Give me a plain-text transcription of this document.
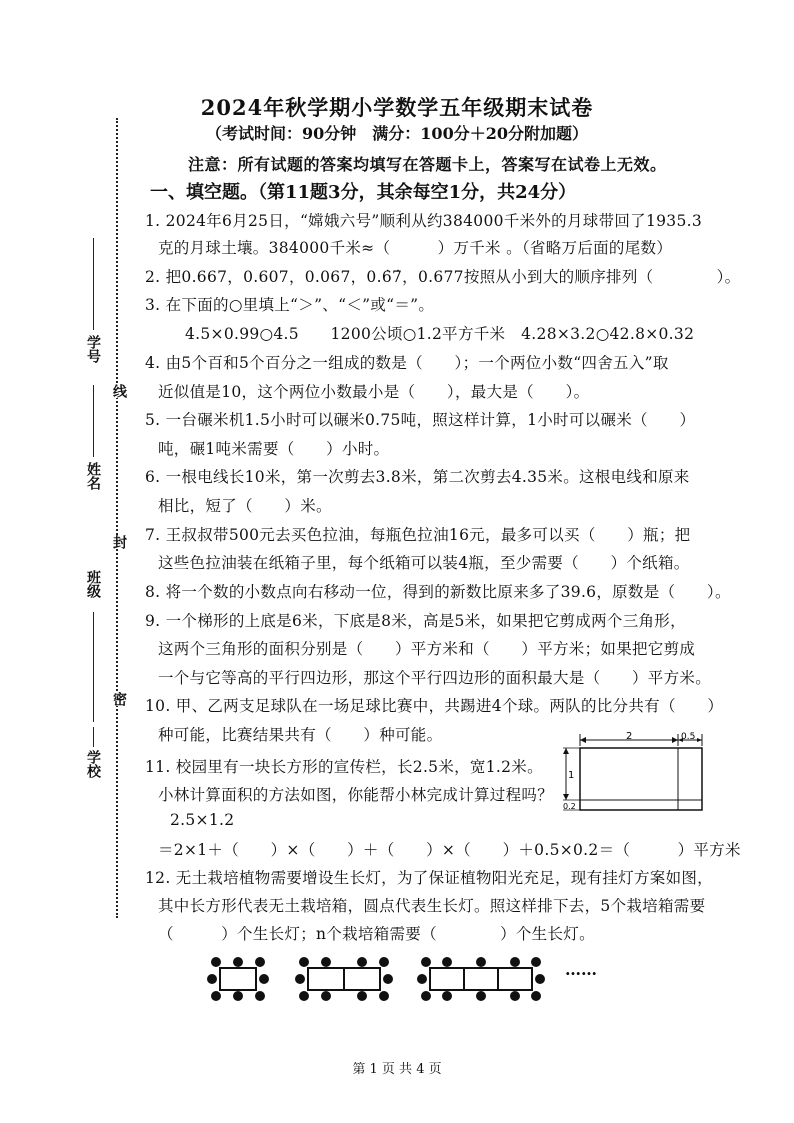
学号
姓名
班级
学校
线
封
密
2024年秋学期小学数学五年级期末试卷
（考试时间：90分钟　满分：100分＋20分附加题）
注意：所有试题的答案均填写在答题卡上，答案写在试卷上无效。
一、填空题。（第11题3分，其余每空1分，共24分）
1. 2024年6月25日，“嫦娥六号”顺利从约384000千米外的月球带回了1935.3
克的月球土壤。384000千米≈（　　　）万千米 。（省略万后面的尾数）
2. 把0.667，0.607，0.067，0.6̇7̇，0.677按照从小到大的顺序排列（　　　　）。
3. 在下面的○里填上“＞”、“＜”或“＝”。
4.5×0.99○4.5　　1200公顷○1.2平方千米　4.28×3.2○42.8×0.32
4. 由5个百和5个百分之一组成的数是（　　）；一个两位小数“四舍五入”取
近似值是10，这个两位小数最小是（　　），最大是（　　）。
5. 一台碾米机1.5小时可以碾米0.75吨，照这样计算，1小时可以碾米（　　）
吨，碾1吨米需要（　　）小时。
6. 一根电线长10米，第一次剪去3.8米，第二次剪去4.35米。这根电线和原来
相比，短了（　　）米。
7. 王叔叔带500元去买色拉油，每瓶色拉油16元，最多可以买（　　）瓶；把
这些色拉油装在纸箱子里，每个纸箱可以装4瓶，至少需要（　　）个纸箱。
8. 将一个数的小数点向右移动一位，得到的新数比原来多了39.6，原数是（　　）。
9. 一个梯形的上底是6米，下底是8米，高是5米，如果把它剪成两个三角形，
这两个三角形的面积分别是（　　）平方米和（　　）平方米；如果把它剪成
一个与它等高的平行四边形，那这个平行四边形的面积最大是（　　）平方米。
10. 甲、乙两支足球队在一场足球比赛中，共踢进4个球。两队的比分共有（　　）
种可能，比赛结果共有（　　）种可能。
11. 校园里有一块长方形的宣传栏，长2.5米，宽1.2米。
小林计算面积的方法如图，你能帮小林完成计算过程吗？
2.5×1.2
＝2×1＋（　　）×（　　）＋（　　）×（　　）＋0.5×0.2＝（　　　）平方米
12. 无土栽培植物需要增设生长灯，为了保证植物阳光充足，现有挂灯方案如图，
其中长方形代表无土栽培箱，圆点代表生长灯。照这样排下去，5个栽培箱需要
（　　　）个生长灯；n个栽培箱需要（　　　　）个生长灯。
2	0.5
1
0.2
……
第 1 页 共 4 页
